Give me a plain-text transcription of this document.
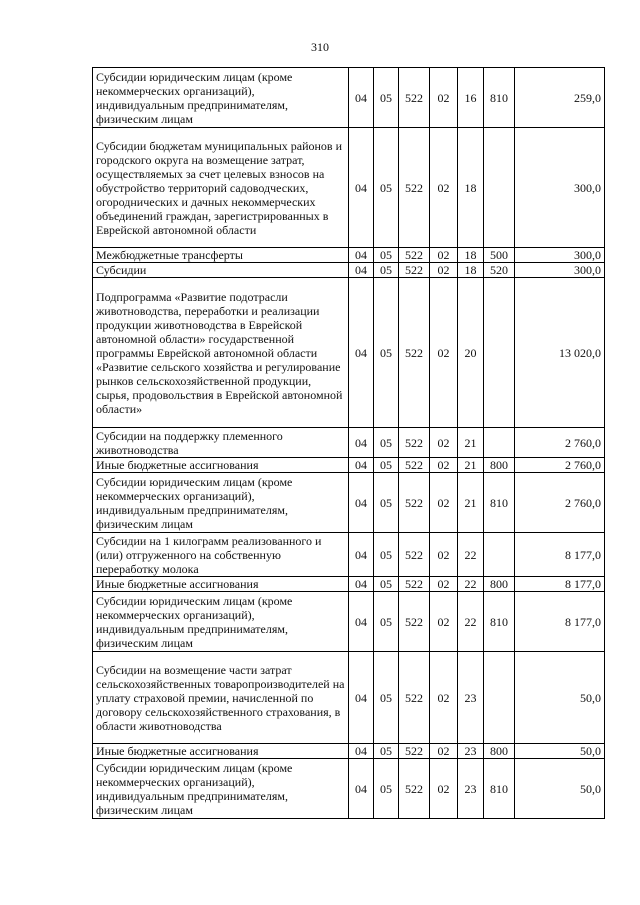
310
Субсидии юридическим лицам (кроме некоммерческих организаций), индивидуальным предпринимателям, физическим лицам	04	05	522	02	16	810	259,0
Субсидии бюджетам муниципальных районов и городского округа на возмещение затрат, осуществляемых за счет целевых взносов на обустройство территорий садоводческих, огороднических и дачных некоммерческих объединений граждан, зарегистрированных в Еврейской автономной области	04	05	522	02	18		300,0
Межбюджетные трансферты	04	05	522	02	18	500	300,0
Субсидии	04	05	522	02	18	520	300,0
Подпрограмма «Развитие подотрасли животноводства, переработки и реализации продукции животноводства в Еврейской автономной области» государственной программы Еврейской автономной области «Развитие сельского хозяйства и регулирование рынков сельскохозяйственной продукции, сырья, продовольствия в Еврейской автономной области»	04	05	522	02	20		13 020,0
Субсидии на поддержку племенного животноводства	04	05	522	02	21		2 760,0
Иные бюджетные ассигнования	04	05	522	02	21	800	2 760,0
Субсидии юридическим лицам (кроме некоммерческих организаций), индивидуальным предпринимателям, физическим лицам	04	05	522	02	21	810	2 760,0
Субсидии на 1 килограмм реализованного и (или) отгруженного на собственную переработку молока	04	05	522	02	22		8 177,0
Иные бюджетные ассигнования	04	05	522	02	22	800	8 177,0
Субсидии юридическим лицам (кроме некоммерческих организаций), индивидуальным предпринимателям, физическим лицам	04	05	522	02	22	810	8 177,0
Субсидии на возмещение части затрат сельскохозяйственных товаропроизводителей на уплату страховой премии, начисленной по договору сельскохозяйственного страхования, в области животноводства	04	05	522	02	23		50,0
Иные бюджетные ассигнования	04	05	522	02	23	800	50,0
Субсидии юридическим лицам (кроме некоммерческих организаций), индивидуальным предпринимателям, физическим лицам	04	05	522	02	23	810	50,0
